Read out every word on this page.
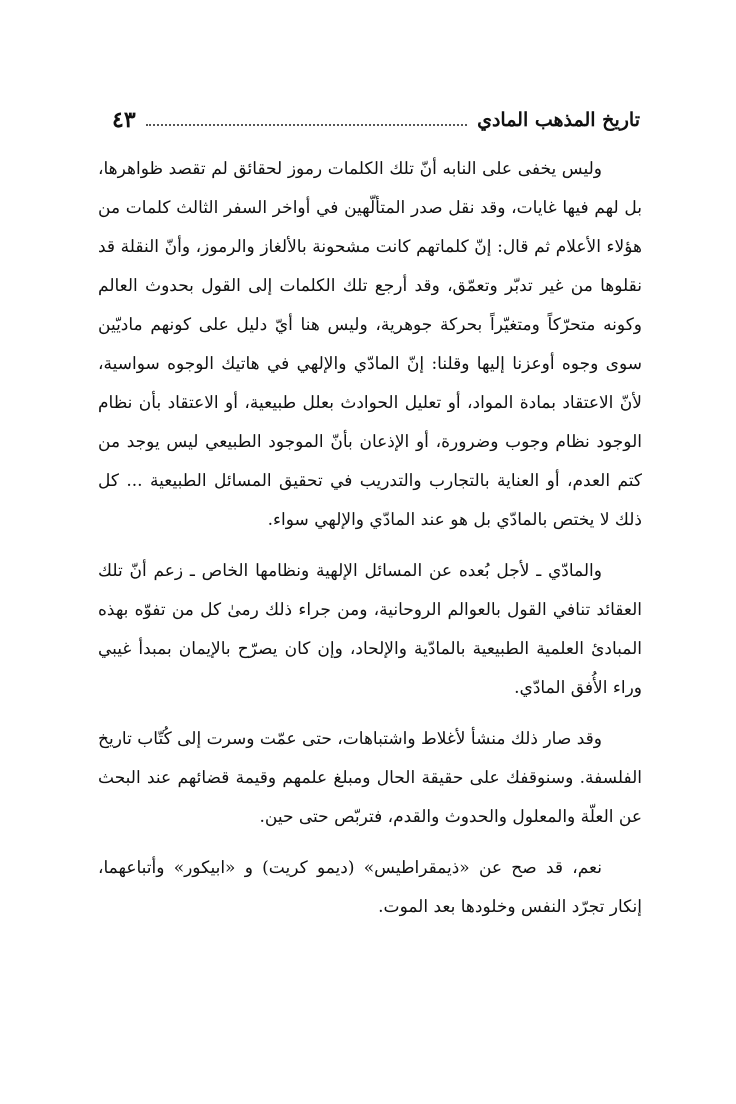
تاريخ المذهب المادي
٤٣

وليس يخفى على النابه أنّ تلك الكلمات رموز لحقائق لم تقصد ظواهرها، بل لهم فيها غايات، وقد نقل صدر المتألّهين في أواخر السفر الثالث كلمات من هؤلاء الأعلام ثم قال: إنّ كلماتهم كانت مشحونة بالألغاز والرموز، وأنّ النقلة قد نقلوها من غير تدبّر وتعمّق، وقد أرجع تلك الكلمات إلى القول بحدوث العالم وكونه متحرّكاً ومتغيّراً بحركة جوهرية، وليس هنا أيّ دليل على كونهم ماديّين سوى وجوه أوعزنا إليها وقلنا: إنّ المادّي والإلهي في هاتيك الوجوه سواسية، لأنّ الاعتقاد بمادة المواد، أو تعليل الحوادث بعلل طبيعية، أو الاعتقاد بأن نظام الوجود نظام وجوب وضرورة، أو الإذعان بأنّ الموجود الطبيعي ليس يوجد من كتم العدم، أو العناية بالتجارب والتدريب في تحقيق المسائل الطبيعية ... كل ذلك لا يختص بالمادّي بل هو عند المادّي والإلهي سواء.

والمادّي ـ لأجل بُعده عن المسائل الإلهية ونظامها الخاص ـ زعم أنّ تلك العقائد تنافي القول بالعوالم الروحانية، ومن جراء ذلك رمىٰ كل من تفوّه بهذه المبادئ العلمية الطبيعية بالمادّية والإلحاد، وإن كان يصرّح بالإيمان بمبدأ غيبي وراء الأُفق المادّي.

وقد صار ذلك منشأ لأغلاط واشتباهات، حتى عمّت وسرت إلى كُتّاب تاريخ الفلسفة. وسنوقفك على حقيقة الحال ومبلغ علمهم وقيمة قضائهم عند البحث عن العلّة والمعلول والحدوث والقدم، فتربّص حتى حين.

نعم، قد صح عن «ذيمقراطيس» (ديمو كريت) و «ابيكور» وأتباعهما، إنكار تجرّد النفس وخلودها بعد الموت.
